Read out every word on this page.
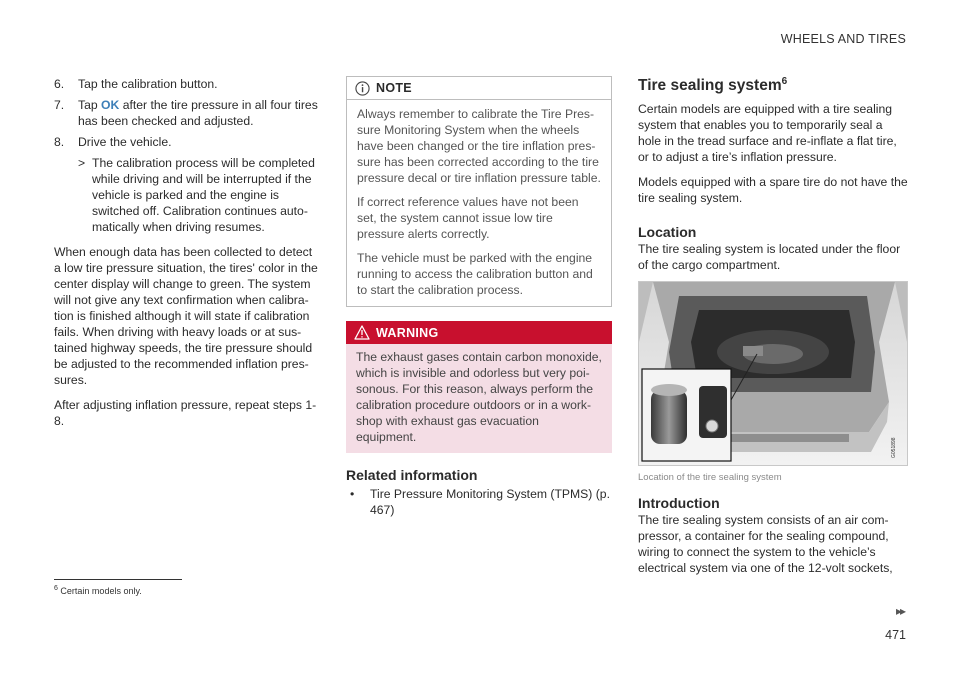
WHEELS AND TIRES
6. Tap the calibration button.
7. Tap OK after the tire pressure in all four tires has been checked and adjusted.
8. Drive the vehicle.
> The calibration process will be completed while driving and will be interrupted if the vehicle is parked and the engine is switched off. Calibration continues auto-matically when driving resumes.

When enough data has been collected to detect a low tire pressure situation, the tires' color in the center display will change to green. The system will not give any text confirmation when calibra-tion is finished although it will state if calibration fails. When driving with heavy loads or at sus-tained highway speeds, the tire pressure should be adjusted to the recommended inflation pres-sures.

After adjusting inflation pressure, repeat steps 1-8.

NOTE

Always remember to calibrate the Tire Pres-sure Monitoring System when the wheels have been changed or the tire inflation pres-sure has been corrected according to the tire pressure decal or tire inflation pressure table.

If correct reference values have not been set, the system cannot issue low tire pressure alerts correctly.

The vehicle must be parked with the engine running to access the calibration button and to start the calibration process.

WARNING

The exhaust gases contain carbon monoxide, which is invisible and odorless but very poi-sonous. For this reason, always perform the calibration procedure outdoors or in a work-shop with exhaust gas evacuation equipment.

Related information
• Tire Pressure Monitoring System (TPMS) (p. 467)
Tire sealing system$^6$

Certain models are equipped with a tire sealing system that enables you to temporarily seal a hole in the tread surface and re-inflate a flat tire, or to adjust a tire’s inflation pressure.

Models equipped with a spare tire do not have the tire sealing system.

Location

The tire sealing system is located under the floor of the cargo compartment.

G051898
Location of the tire sealing system
Introduction

The tire sealing system consists of an air com-pressor, a container for the sealing compound, wiring to connect the system to the vehicle’s electrical system via one of the 12-volt sockets,

$^6$ Certain models only.
▸▸
471
